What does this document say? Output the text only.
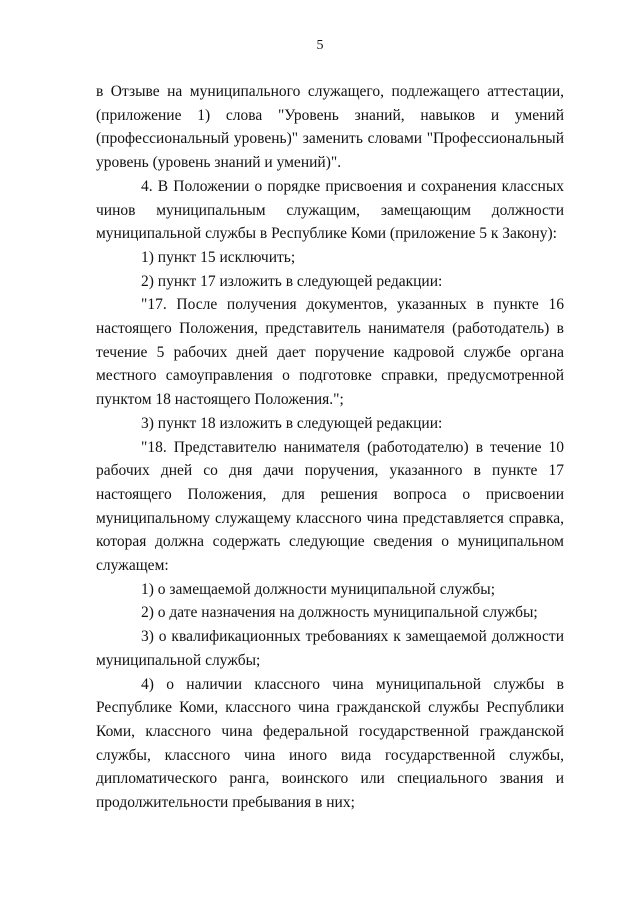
5

в Отзыве на муниципального служащего, подлежащего аттестации, (приложение 1) слова "Уровень знаний, навыков и умений (профессиональный уровень)" заменить словами "Профессиональный уровень (уровень знаний и умений)".

4. В Положении о порядке присвоения и сохранения классных чинов муниципальным служащим, замещающим должности муниципальной службы в Республике Коми (приложение 5 к Закону):

1) пункт 15 исключить;

2) пункт 17 изложить в следующей редакции:

"17. После получения документов, указанных в пункте 16 настоящего Положения, представитель нанимателя (работодатель) в течение 5 рабочих дней дает поручение кадровой службе органа местного самоуправления о подготовке справки, предусмотренной пунктом 18 настоящего Положения.";

3) пункт 18 изложить в следующей редакции:

"18. Представителю нанимателя (работодателю) в течение 10 рабочих дней со дня дачи поручения, указанного в пункте 17 настоящего Положения, для решения вопроса о присвоении муниципальному служащему классного чина представляется справка, которая должна содержать следующие сведения о муниципальном служащем:

1) о замещаемой должности муниципальной службы;

2) о дате назначения на должность муниципальной службы;

3) о квалификационных требованиях к замещаемой должности муниципальной службы;

4) о наличии классного чина муниципальной службы в Республике Коми, классного чина гражданской службы Республики Коми, классного чина федеральной государственной гражданской службы, классного чина иного вида государственной службы, дипломатического ранга, воинского или специального звания и продолжительности пребывания в них;
